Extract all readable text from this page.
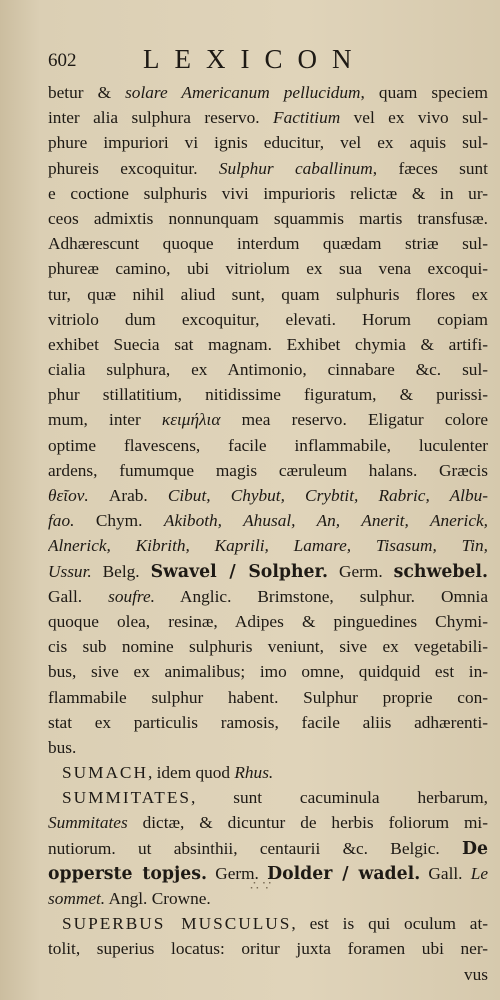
602 LEXICON
betur & solare Americanum pellucidum, quam speciem
inter alia sulphura reservo. Factitium vel ex vivo sul-
phure impuriori vi ignis educitur, vel ex aquis sul-
phureis excoquitur. Sulphur caballinum, fæces sunt
e coctione sulphuris vivi impurioris relictæ & in ur-
ceos admixtis nonnunquam squammis martis transfusæ.
Adhærescunt quoque interdum quædam striæ sul-
phureæ camino, ubi vitriolum ex sua vena excoqui-
tur, quæ nihil aliud sunt, quam sulphuris flores ex
vitriolo dum excoquitur, elevati. Horum copiam
exhibet Suecia sat magnam. Exhibet chymia & artifi-
cialia sulphura, ex Antimonio, cinnabare &c. sul-
phur stillatitium, nitidissime figuratum, & purissi-
mum, inter κειμήλια mea reservo. Eligatur colore
optime flavescens, facile inflammabile, luculenter
ardens, fumumque magis cæruleum halans. Græcis
θεῖον. Arab. Cibut, Chybut, Crybtit, Rabric, Albu-
fao. Chym. Akiboth, Ahusal, An, Anerit, Anerick,
Alnerick, Kibrith, Kaprili, Lamare, Tisasum, Tin,
Ussur. Belg. Swavel / Solpher. Germ. schwebel.
Gall. soufre. Anglic. Brimstone, sulphur. Omnia
quoque olea, resinæ, Adipes & pinguedines Chymi-
cis sub nomine sulphuris veniunt, sive ex vegetabili-
bus, sive ex animalibus; imo omne, quidquid est in-
flammabile sulphur habent. Sulphur proprie con-
stat ex particulis ramosis, facile aliis adhærenti-
bus.
SUMACH, idem quod Rhus.
SUMMITATES, sunt cacuminula herbarum,
Summitates dictæ, & dicuntur de herbis foliorum mi-
nutiorum. ut absinthii, centaurii &c. Belgic. De
opperste topjes. Germ. Dolder / wadel. Gall. Le
sommet. Angl. Crowne.
SUPERBUS MUSCULUS, est is qui oculum at-
tolit, superius locatus: oritur juxta foramen ubi ner-
vus
∴ ∵
